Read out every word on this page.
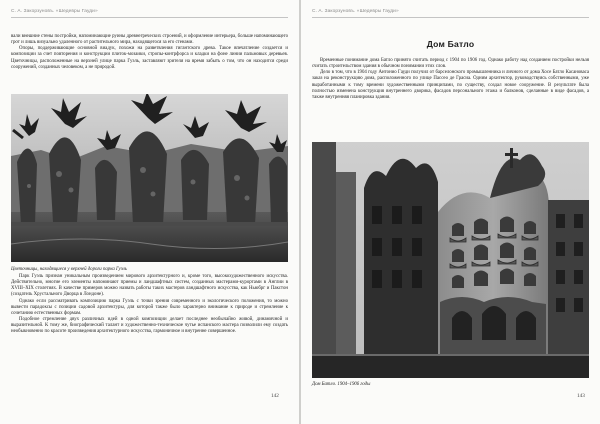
С. А. Закорзуновъ. «Шедевры Гауди»

вали внешние стены постройки, напоминающие руины древнегреческих строений, и оформление интерьера, больше напоминающего грот и лишь визуально удаленного от растительного мира, находящегося за его стенами.

Опоры, поддерживающие основной виадук, похожи на разветвления гигантского древа. Такое впечатление создается и композиции за счет повторения и конструкции плиток-мозаики, стропы-контрфорса и кладки на фоне линии пальмовых деревьев. Цветочницы, расположенные на верхней улице парка Гуэль, заставляют зрителя на время забыть о том, что он находится среди сооружений, созданных человеком, а не природой.

Цветочницы, находящиеся у верхней дороги парка Гуэль

Парк Гуэль признан уникальным произведением мирового архитектурного и, кроме того, высокохудожественного искусства. Действительно, многие его элементы напоминают приемы и ландшафтных систем, созданных мастерами-курортами в Англии в XVIII–XIX столетиях. В качестве примеров можно назвать работы таких мастеров ландшафтного искусства, как Ньюбрг и Пакстон (создатель Хрустального Дворца в Лондоне).

Однако если рассматривать композицию парка Гуэль с точки зрения современного и экологического положения, то можно вывести парадоксы с позиции садовой архитектуры, для которой также было характерно внимание к природе и стремление к сочетанию естественных формам.

Подобное стремление двух различных идей в одной композиции делает последнее необычайно живой, динамичной и выразительной. К тому же, биографический талант и художественно-техническое чутье испанского мастера позволили ему создать необыкновенно по красоте произведения архитектурного искусства, гармоничное и внутренне совершенное.

142
С. А. Закорзуновъ. «Шедевры Гауди»
Дом Батло

Временные понимание дома Батло принято считать период с 1904 по 1906 год. Однако работу над созданием постройки нельзя считать строительством здания в обычном понимании этих слов.

Дело в том, что в 1904 году Антонио Гауди получил от барселонского промышленника и личного от дома Хосе Батло Касановаса заказ на реконструкцию дома, расположенного по улице Пассео де Грасиа. Одним архитектор, руководствуясь собственными, уже выработанными к тому времени художественными принципами, по существу, создал новое сооружение. В результате была полностью изменена конструкция внутреннего дворика, фасадов персонального этажа и балконов, сделанные в виде фасадов, а также внутренняя планировка здания.

Дом Батло. 1904–1906 годы
143
